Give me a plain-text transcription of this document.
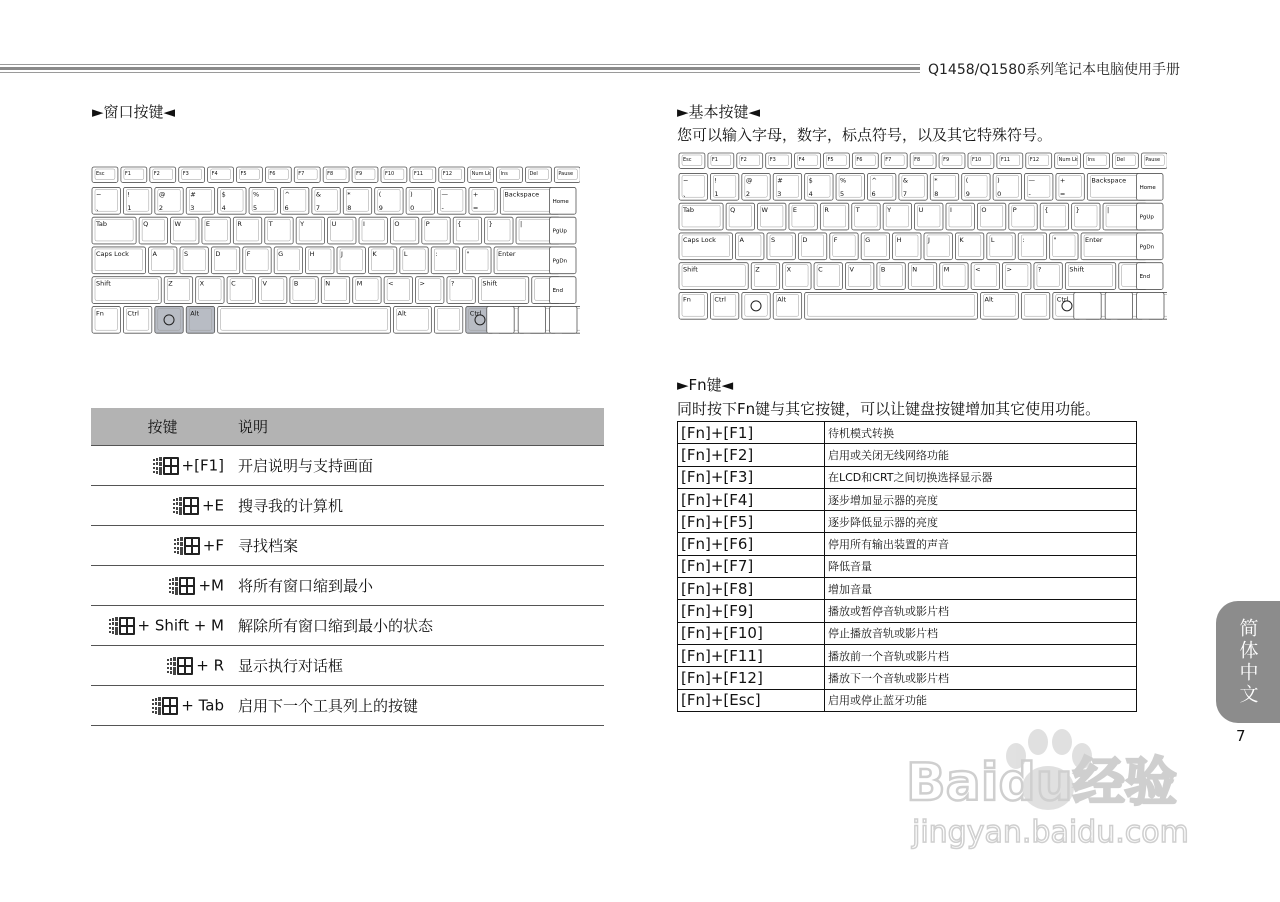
Q1458/Q1580系列笔记本电脑使用手册
►窗口按键◄
Esc	F1	F2	F3	F4	F5	F6	F7	F8	F9	F10	F11	F12	Num Lk Ins	Del	Pause
~
、
!
1
@
2
#
3
$
4
%
5
^
6
&
7
*
8
(
9
)
0
—
-
+
=
Backspace
Home
Tab	Q	W	E	R	T	Y	U	I	O	P	{	}	|
PgUp
Caps Lock	A	S	D	F	G	H	J	K	L	:	"	Enter
PgDn
Shift	Z	X	C	V	B	N	M	<	>	?	Shift
End
Fn	Ctrl	Alt	Alt	Ctrl
按键	说明
+[F1]	开启说明与支持画面
+E	搜寻我的计算机
+F	寻找档案
+M	将所有窗口缩到最小
+ Shift + M	解除所有窗口缩到最小的状态
+ R	显示执行对话框
+ Tab	启用下一个工具列上的按键
►基本按键◄
您可以输入字母，数字，标点符号，以及其它特殊符号。
Esc	F1	F2	F3	F4	F5	F6	F7	F8	F9	F10	F11	F12	Num Lk Ins	Del	Pause
~
、
!
1
@
2
#
3
$
4
%
5
^
6
&
7
*
8
(
9
)
0
—
-
+
=
Backspace
Home
Tab	Q	W	E	R	T	Y	U	I	O	P	{	}	|
PgUp
Caps Lock	A	S	D	F	G	H	J	K	L	:	"	Enter
PgDn
Shift	Z	X	C	V	B	N	M	<	>	?	Shift
End
Fn	Ctrl	Alt	Alt	Ctrl
►Fn键◄
同时按下Fn键与其它按键，可以让键盘按键增加其它使用功能。
[Fn]+[F1]	待机模式转换
[Fn]+[F2]	启用或关闭无线网络功能
[Fn]+[F3]	在LCD和CRT之间切换选择显示器
[Fn]+[F4]	逐步增加显示器的亮度
[Fn]+[F5]	逐步降低显示器的亮度
[Fn]+[F6]	停用所有输出装置的声音
[Fn]+[F7]	降低音量
[Fn]+[F8]	增加音量
[Fn]+[F9]	播放或暂停音轨或影片档
[Fn]+[F10]	停止播放音轨或影片档
[Fn]+[F11]	播放前一个音轨或影片档
[Fn]+[F12]	播放下一个音轨或影片档
[Fn]+[Esc]	启用或停止蓝牙功能	简体中文
7
Baidu经验
jingyan.baidu.com
